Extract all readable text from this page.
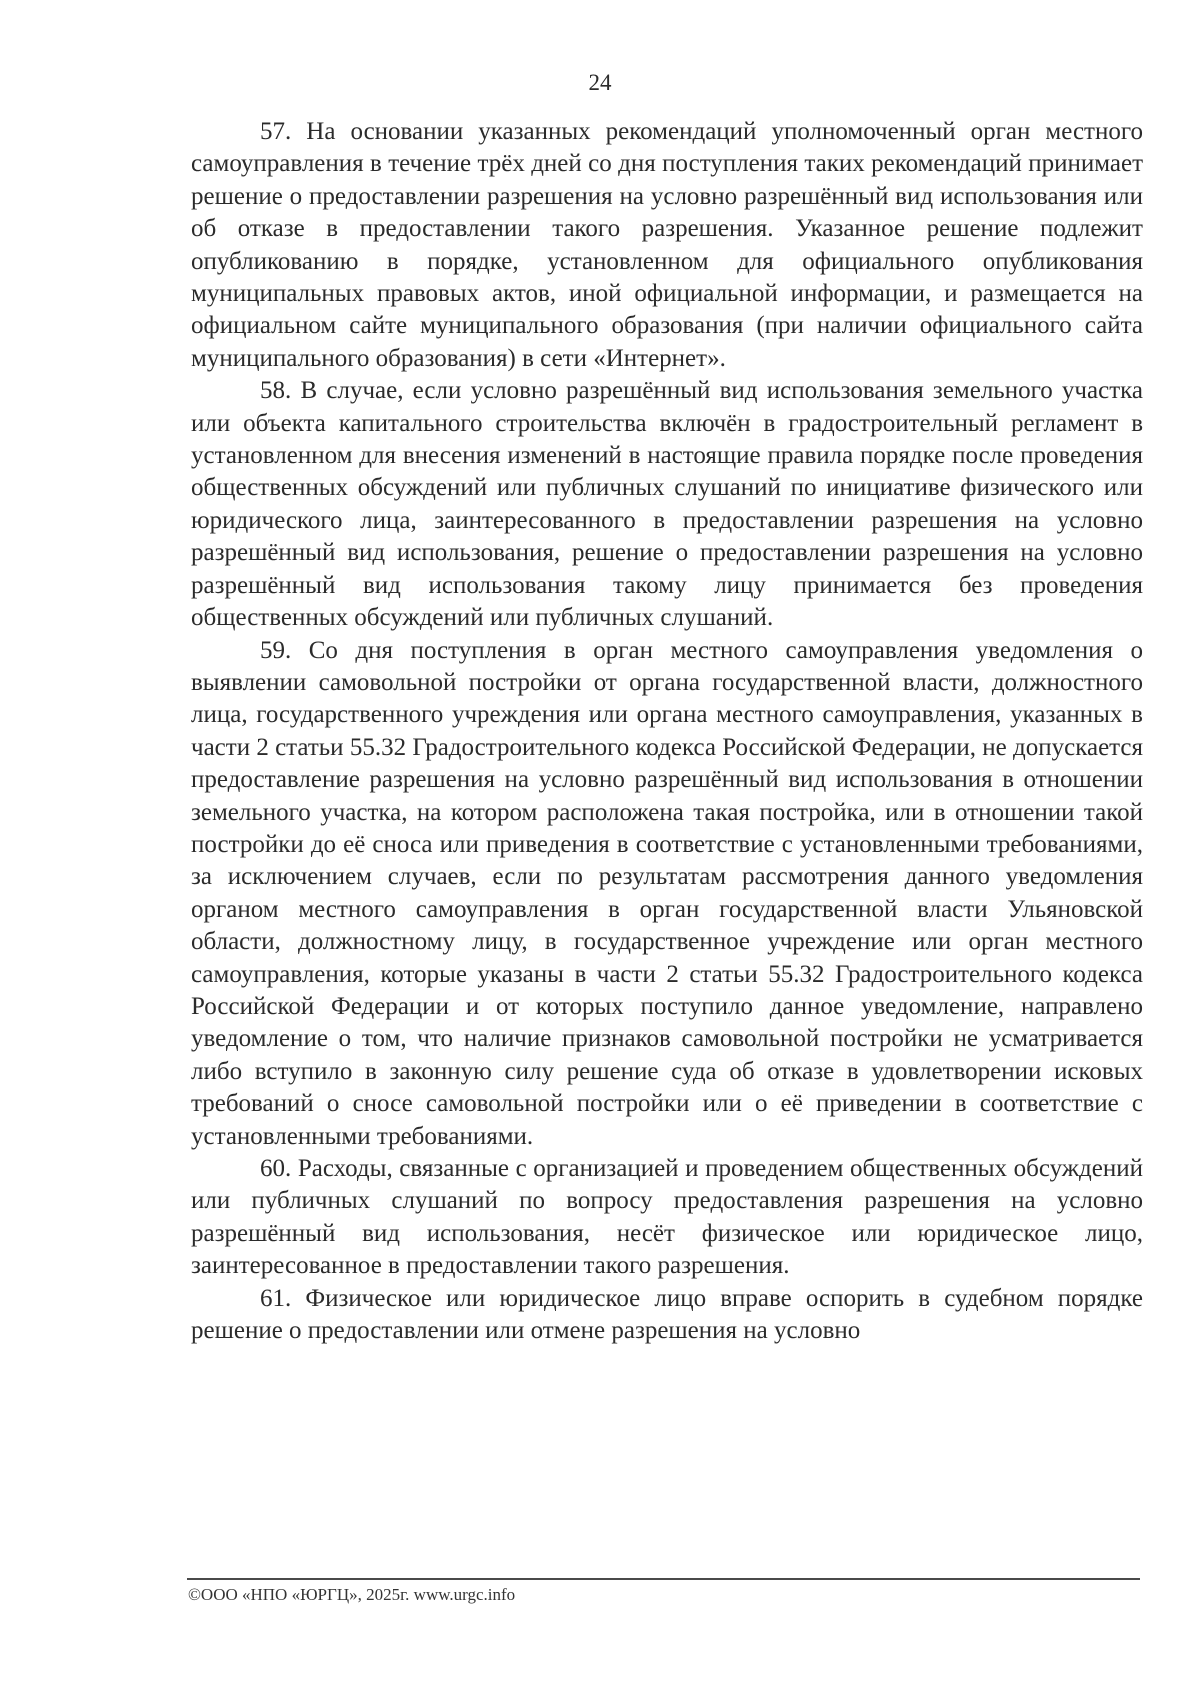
24

57. На основании указанных рекомендаций уполномоченный орган местного самоуправления в течение трёх дней со дня поступления таких рекомендаций принимает решение о предоставлении разрешения на условно разрешённый вид использования или об отказе в предоставлении такого разрешения. Указанное решение подлежит опубликованию в порядке, установленном для официального опубликования муниципальных правовых актов, иной официальной информации, и размещается на официальном сайте муниципального образования (при наличии официального сайта муниципального образования) в сети «Интернет».

58. В случае, если условно разрешённый вид использования земельного участка или объекта капитального строительства включён в градостроительный регламент в установленном для внесения изменений в настоящие правила порядке после проведения общественных обсуждений или публичных слушаний по инициативе физического или юридического лица, заинтересованного в предоставлении разрешения на условно разрешённый вид использования, решение о предоставлении разрешения на условно разрешённый вид использования такому лицу принимается без проведения общественных обсуждений или публичных слушаний.

59. Со дня поступления в орган местного самоуправления уведомления о выявлении самовольной постройки от органа государственной власти, должностного лица, государственного учреждения или органа местного самоуправления, указанных в части 2 статьи 55.32 Градостроительного кодекса Российской Федерации, не допускается предоставление разрешения на условно разрешённый вид использования в отношении земельного участка, на котором расположена такая постройка, или в отношении такой постройки до её сноса или приведения в соответствие с установленными требованиями, за исключением случаев, если по результатам рассмотрения данного уведомления органом местного самоуправления в орган государственной власти Ульяновской области, должностному лицу, в государственное учреждение или орган местного самоуправления, которые указаны в части 2 статьи 55.32 Градостроительного кодекса Российской Федерации и от которых поступило данное уведомление, направлено уведомление о том, что наличие признаков самовольной постройки не усматривается либо вступило в законную силу решение суда об отказе в удовлетворении исковых требований о сносе самовольной постройки или о её приведении в соответствие с установленными требованиями.

60. Расходы, связанные с организацией и проведением общественных обсуждений или публичных слушаний по вопросу предоставления разрешения на условно разрешённый вид использования, несёт физическое или юридическое лицо, заинтересованное в предоставлении такого разрешения.

61. Физическое или юридическое лицо вправе оспорить в судебном порядке решение о предоставлении или отмене разрешения на условно

©ООО «НПО «ЮРГЦ», 2025г. www.urgc.info
